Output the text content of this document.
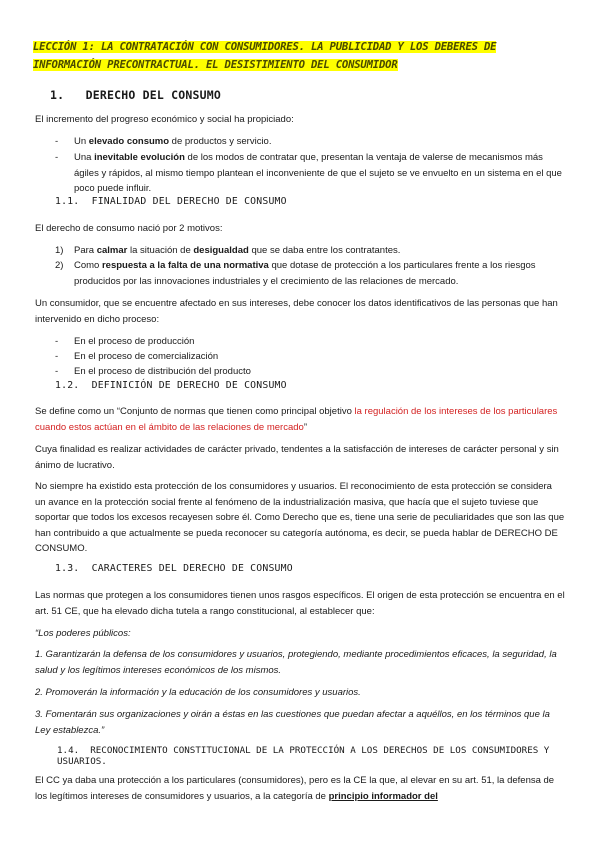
LECCIÓN 1: LA CONTRATACIÓN CON CONSUMIDORES. LA PUBLICIDAD Y LOS DEBERES DE INFORMACIÓN PRECONTRACTUAL. EL DESISTIMIENTO DEL CONSUMIDOR
1. DERECHO DEL CONSUMO
El incremento del progreso económico y social ha propiciado:
- Un elevado consumo de productos y servicio.
- Una inevitable evolución de los modos de contratar que, presentan la ventaja de valerse de mecanismos más ágiles y rápidos, al mismo tiempo plantean el inconveniente de que el sujeto se ve envuelto en un sistema en el que poco puede influir.
1.1. FINALIDAD DEL DERECHO DE CONSUMO
El derecho de consumo nació por 2 motivos:
1) Para calmar la situación de desigualdad que se daba entre los contratantes.
2) Como respuesta a la falta de una normativa que dotase de protección a los particulares frente a los riesgos producidos por las innovaciones industriales y el crecimiento de las relaciones de mercado.
Un consumidor, que se encuentre afectado en sus intereses, debe conocer los datos identificativos de las personas que han intervenido en dicho proceso:
- En el proceso de producción
- En el proceso de comercialización
- En el proceso de distribución del producto
1.2. DEFINICIÓN DE DERECHO DE CONSUMO
Se define como un “Conjunto de normas que tienen como principal objetivo la regulación de los intereses de los particulares cuando estos actúan en el ámbito de las relaciones de mercado”
Cuya finalidad es realizar actividades de carácter privado, tendentes a la satisfacción de intereses de carácter personal y sin ánimo de lucrativo.
No siempre ha existido esta protección de los consumidores y usuarios. El reconocimiento de esta protección se considera un avance en la protección social frente al fenómeno de la industrialización masiva, que hacía que el sujeto tuviese que soportar que todos los excesos recayesen sobre él. Como Derecho que es, tiene una serie de peculiaridades que son las que han contribuido a que actualmente se pueda reconocer su categoría autónoma, es decir, se pueda hablar de DERECHO DE CONSUMO.
1.3. CARACTERES DEL DERECHO DE CONSUMO
Las normas que protegen a los consumidores tienen unos rasgos específicos. El origen de esta protección se encuentra en el art. 51 CE, que ha elevado dicha tutela a rango constitucional, al establecer que:
“Los poderes públicos:
1. Garantizarán la defensa de los consumidores y usuarios, protegiendo, mediante procedimientos eficaces, la seguridad, la salud y los legítimos intereses económicos de los mismos.
2. Promoverán la información y la educación de los consumidores y usuarios.
3. Fomentarán sus organizaciones y oirán a éstas en las cuestiones que puedan afectar a aquéllos, en los términos que la Ley establezca.”
1.4. RECONOCIMIENTO CONSTITUCIONAL DE LA PROTECCIÓN A LOS DERECHOS DE LOS CONSUMIDORES Y USUARIOS.
El CC ya daba una protección a los particulares (consumidores), pero es la CE la que, al elevar en su art. 51, la defensa de los legítimos intereses de consumidores y usuarios, a la categoría de principio informador del
